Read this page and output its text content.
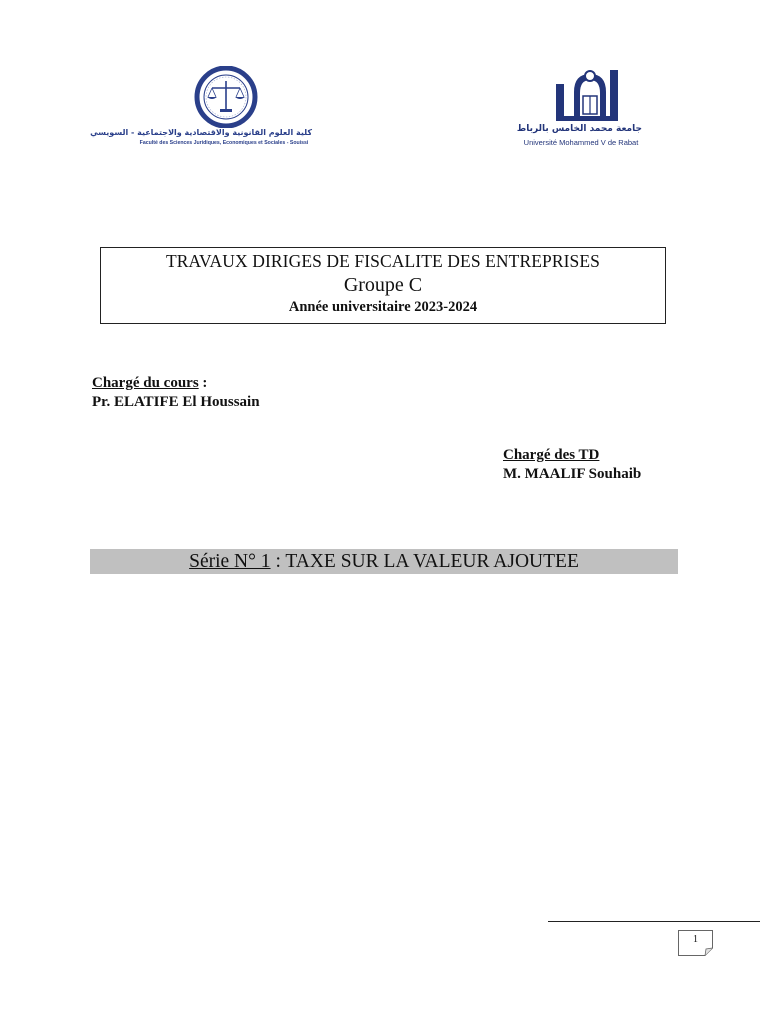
كلية العلوم القانونية والاقتصادية والاجتماعية - السويسي
Faculté des Sciences Juridiques, Economiques et Sociales - Souissi
جامعة محمد الخامس بالرباط
Université Mohammed V de Rabat
TRAVAUX DIRIGES DE FISCALITE DES ENTREPRISES
Groupe C
Année universitaire 2023-2024
Chargé du cours :
Pr. ELATIFE El Houssain
Chargé des TD
M. MAALIF Souhaib
Série N° 1 : TAXE SUR LA VALEUR AJOUTEE
1
